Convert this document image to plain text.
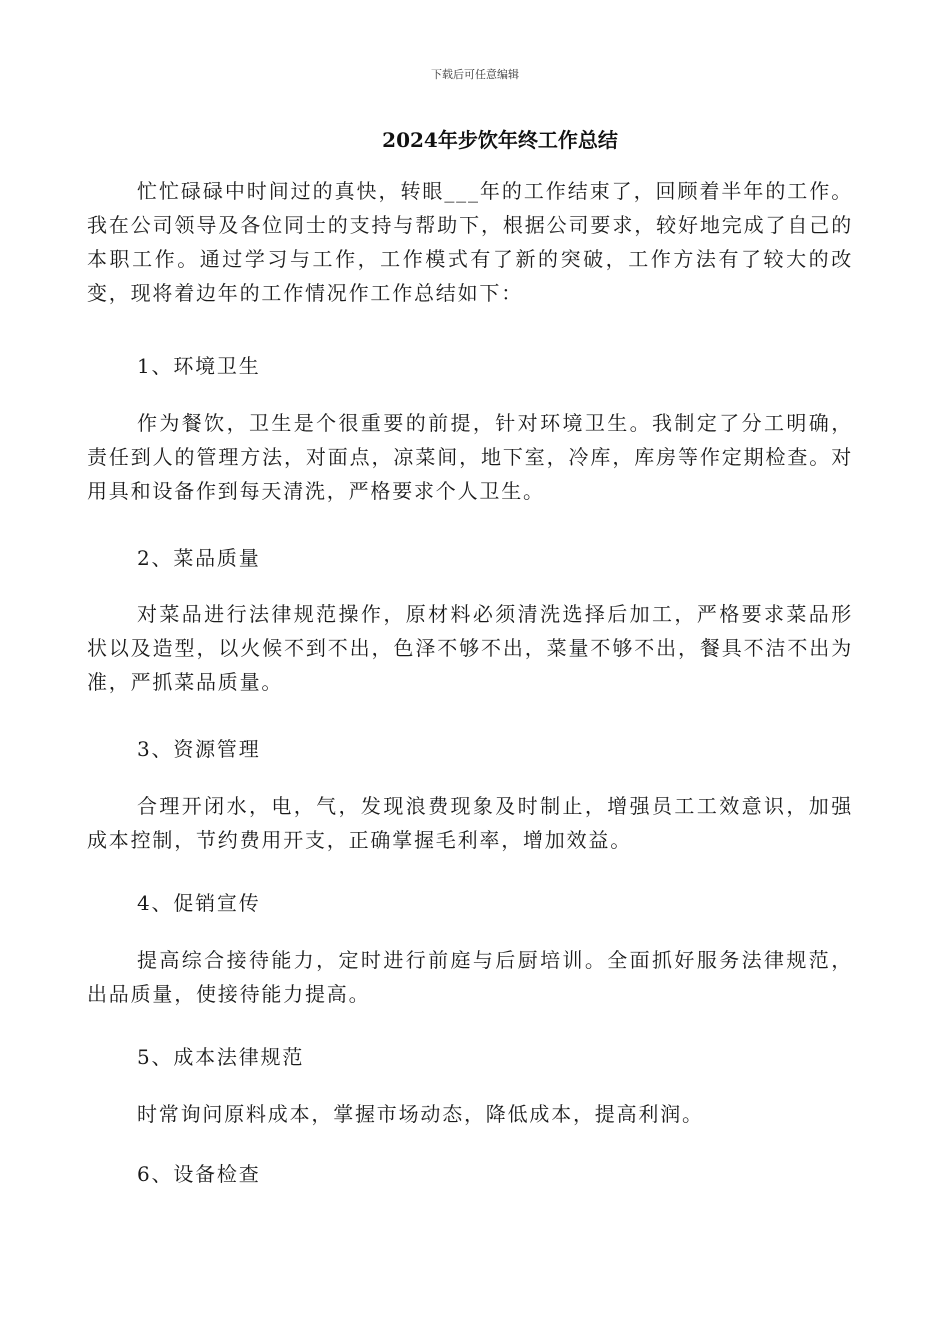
下载后可任意编辑
2024年步饮年终工作总结

忙忙碌碌中时间过的真快，转眼___年的工作结束了，回顾着半年的工作。我在公司领导及各位同士的支持与帮助下，根据公司要求，较好地完成了自己的本职工作。通过学习与工作，工作模式有了新的突破，工作方法有了较大的改变，现将着边年的工作情况作工作总结如下：

1、环境卫生

作为餐饮，卫生是个很重要的前提，针对环境卫生。我制定了分工明确，责任到人的管理方法，对面点，凉菜间，地下室，冷库，库房等作定期检查。对用具和设备作到每天清洗，严格要求个人卫生。

2、菜品质量

对菜品进行法律规范操作，原材料必须清洗选择后加工，严格要求菜品形状以及造型，以火候不到不出，色泽不够不出，菜量不够不出，餐具不洁不出为准，严抓菜品质量。

3、资源管理

合理开闭水，电，气，发现浪费现象及时制止，增强员工工效意识，加强成本控制，节约费用开支，正确掌握毛利率，增加效益。

4、促销宣传

提高综合接待能力，定时进行前庭与后厨培训。全面抓好服务法律规范，出品质量，使接待能力提高。

5、成本法律规范

时常询问原料成本，掌握市场动态，降低成本，提高利润。

6、设备检查
